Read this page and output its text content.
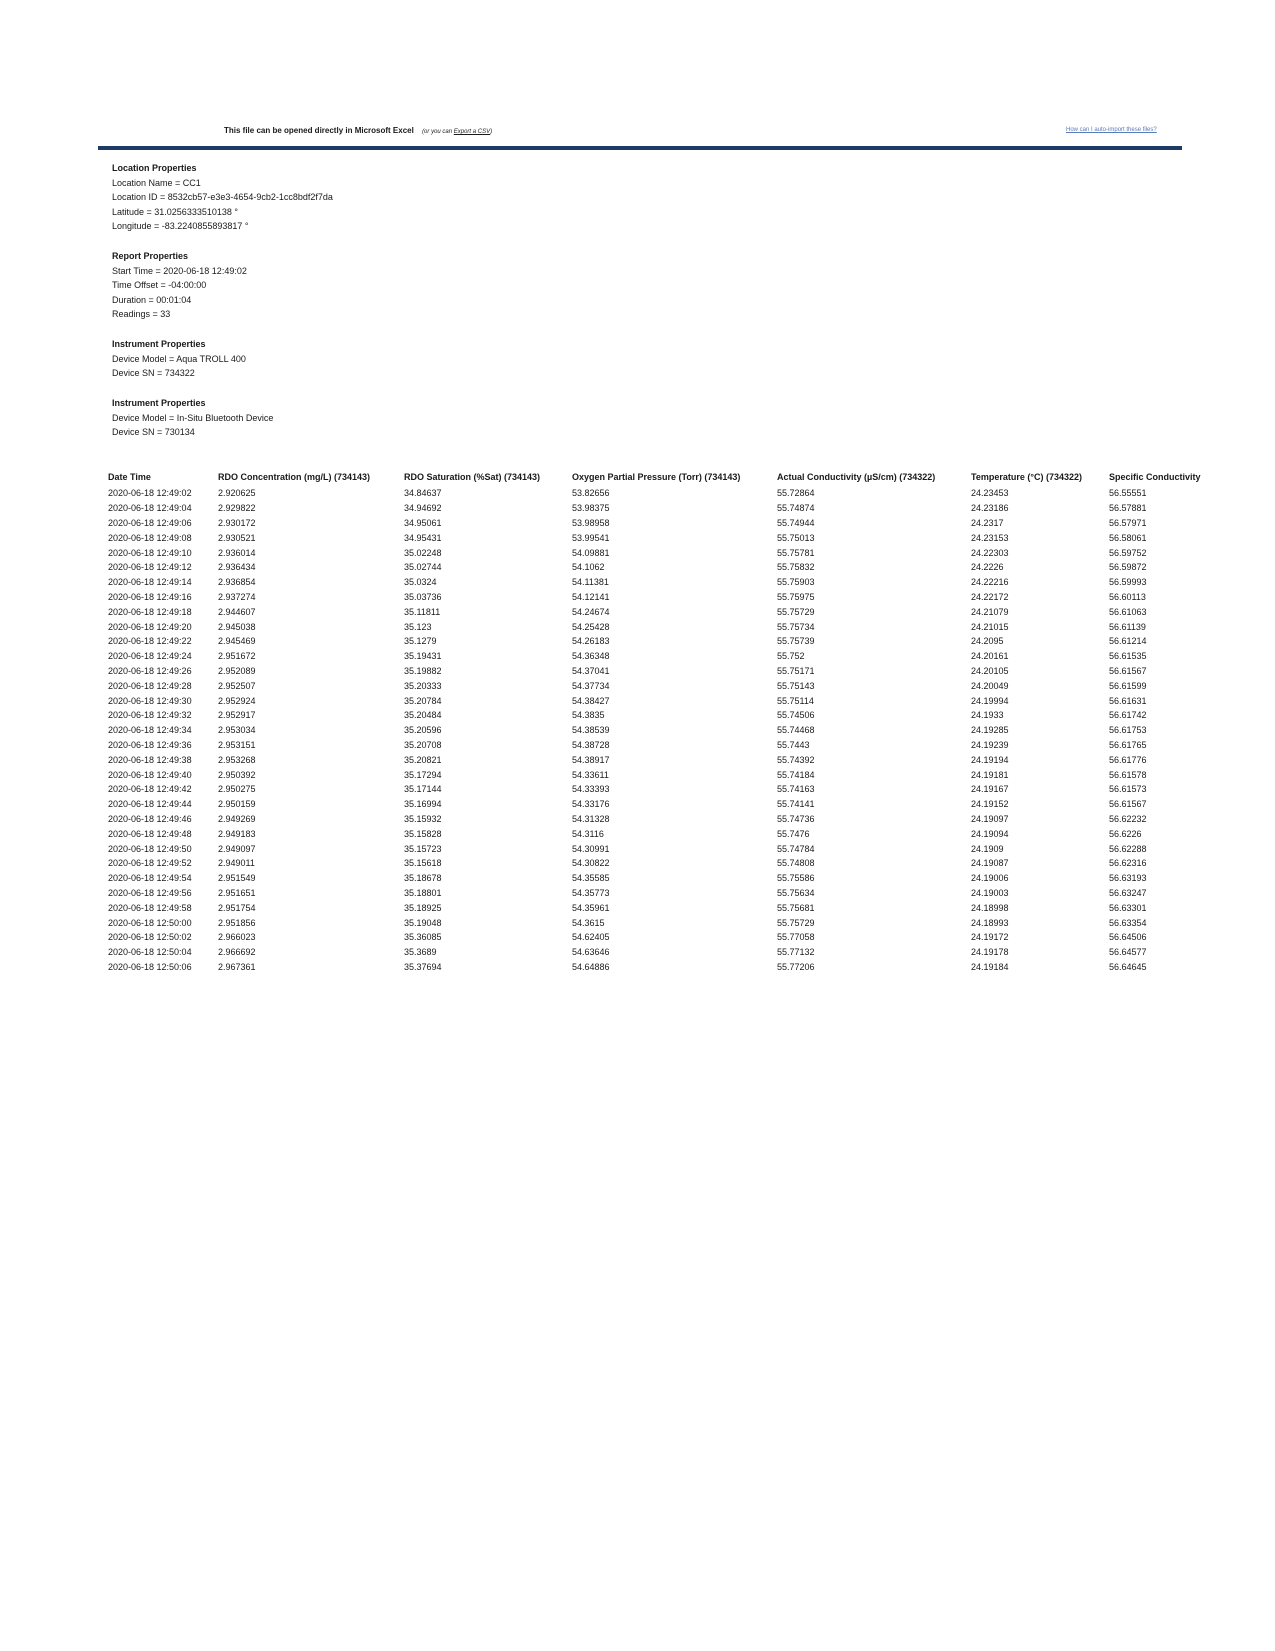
This file can be opened directly in Microsoft Excel (or you can Export a CSV)	How can I auto-import these files?
Location Properties
Location Name = CC1
Location ID = 8532cb57-e3e3-4654-9cb2-1cc8bdf2f7da
Latitude = 31.0256333510138 °
Longitude = -83.2240855893817 °
Report Properties
Start Time = 2020-06-18 12:49:02
Time Offset = -04:00:00
Duration = 00:01:04
Readings = 33
Instrument Properties
Device Model = Aqua TROLL 400
Device SN = 734322
Instrument Properties
Device Model = In-Situ Bluetooth Device
Device SN = 730134
Date Time	RDO Concentration (mg/L) (734143)	RDO Saturation (%Sat) (734143)	Oxygen Partial Pressure (Torr) (734143)	Actual Conductivity (µS/cm) (734322)	Temperature (°C) (734322)	Specific Conductivity
2020-06-18 12:49:02	2.920625	34.84637	53.82656	55.72864	24.23453	56.55551
2020-06-18 12:49:04	2.929822	34.94692	53.98375	55.74874	24.23186	56.57881
2020-06-18 12:49:06	2.930172	34.95061	53.98958	55.74944	24.2317	56.57971
2020-06-18 12:49:08	2.930521	34.95431	53.99541	55.75013	24.23153	56.58061
2020-06-18 12:49:10	2.936014	35.02248	54.09881	55.75781	24.22303	56.59752
2020-06-18 12:49:12	2.936434	35.02744	54.1062	55.75832	24.2226	56.59872
2020-06-18 12:49:14	2.936854	35.0324	54.11381	55.75903	24.22216	56.59993
2020-06-18 12:49:16	2.937274	35.03736	54.12141	55.75975	24.22172	56.60113
2020-06-18 12:49:18	2.944607	35.11811	54.24674	55.75729	24.21079	56.61063
2020-06-18 12:49:20	2.945038	35.123	54.25428	55.75734	24.21015	56.61139
2020-06-18 12:49:22	2.945469	35.1279	54.26183	55.75739	24.2095	56.61214
2020-06-18 12:49:24	2.951672	35.19431	54.36348	55.752	24.20161	56.61535
2020-06-18 12:49:26	2.952089	35.19882	54.37041	55.75171	24.20105	56.61567
2020-06-18 12:49:28	2.952507	35.20333	54.37734	55.75143	24.20049	56.61599
2020-06-18 12:49:30	2.952924	35.20784	54.38427	55.75114	24.19994	56.61631
2020-06-18 12:49:32	2.952917	35.20484	54.3835	55.74506	24.1933	56.61742
2020-06-18 12:49:34	2.953034	35.20596	54.38539	55.74468	24.19285	56.61753
2020-06-18 12:49:36	2.953151	35.20708	54.38728	55.7443	24.19239	56.61765
2020-06-18 12:49:38	2.953268	35.20821	54.38917	55.74392	24.19194	56.61776
2020-06-18 12:49:40	2.950392	35.17294	54.33611	55.74184	24.19181	56.61578
2020-06-18 12:49:42	2.950275	35.17144	54.33393	55.74163	24.19167	56.61573
2020-06-18 12:49:44	2.950159	35.16994	54.33176	55.74141	24.19152	56.61567
2020-06-18 12:49:46	2.949269	35.15932	54.31328	55.74736	24.19097	56.62232
2020-06-18 12:49:48	2.949183	35.15828	54.3116	55.7476	24.19094	56.6226
2020-06-18 12:49:50	2.949097	35.15723	54.30991	55.74784	24.1909	56.62288
2020-06-18 12:49:52	2.949011	35.15618	54.30822	55.74808	24.19087	56.62316
2020-06-18 12:49:54	2.951549	35.18678	54.35585	55.75586	24.19006	56.63193
2020-06-18 12:49:56	2.951651	35.18801	54.35773	55.75634	24.19003	56.63247
2020-06-18 12:49:58	2.951754	35.18925	54.35961	55.75681	24.18998	56.63301
2020-06-18 12:50:00	2.951856	35.19048	54.3615	55.75729	24.18993	56.63354
2020-06-18 12:50:02	2.966023	35.36085	54.62405	55.77058	24.19172	56.64506
2020-06-18 12:50:04	2.966692	35.3689	54.63646	55.77132	24.19178	56.64577
2020-06-18 12:50:06	2.967361	35.37694	54.64886	55.77206	24.19184	56.64645
